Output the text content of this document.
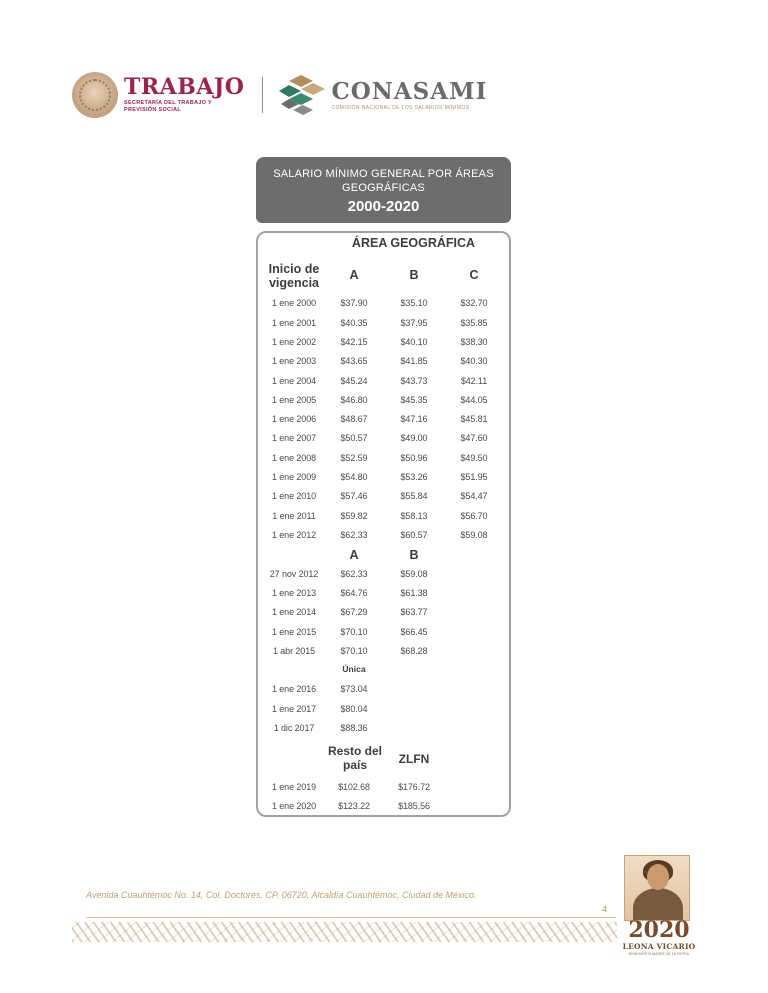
TRABAJO
SECRETARÍA DEL TRABAJO Y PREVISIÓN SOCIAL
CONASAMI
COMISIÓN NACIONAL DE LOS SALARIOS MÍNIMOS
SALARIO MÍNIMO GENERAL POR ÁREAS GEOGRÁFICAS
2000-2020
ÁREA GEOGRÁFICA
Inicio de vigencia
A	B	C
1 ene 2000	$37.90	$35.10	$32.70
1 ene 2001	$40.35	$37.95	$35.85
1 ene 2002	$42.15	$40.10	$38.30
1 ene 2003	$43.65	$41.85	$40.30
1 ene 2004	$45.24	$43.73	$42.11
1 ene 2005	$46.80	$45.35	$44.05
1 ene 2006	$48.67	$47.16	$45.81
1 ene 2007	$50.57	$49.00	$47.60
1 ene 2008	$52.59	$50.96	$49.50
1 ene 2009	$54.80	$53.26	$51.95
1 ene 2010	$57.46	$55.84	$54.47
1 ene 2011	$59.82	$58.13	$56.70
1 ene 2012	$62.33	$60.57	$59.08
A	B
27 nov 2012	$62.33	$59.08
1 ene 2013	$64.76	$61.38
1 ene 2014	$67.29	$63.77
1 ene 2015	$70.10	$66.45
1 abr 2015	$70.10	$68.28
Única
1 ene 2016	$73.04
1 ene 2017	$80.04
1 dic 2017	$88.36
Resto del país	ZLFN
1 ene 2019	$102.68	$176.72
1 ene 2020	$123.22	$185.56
Avenida Cuauhtémoc No. 14, Col. Doctores, CP. 06720, Alcaldía Cuauhtémoc, Ciudad de México.
4
2020
LEONA VICARIO
BENEMÉRITA MADRE DE LA PATRIA
